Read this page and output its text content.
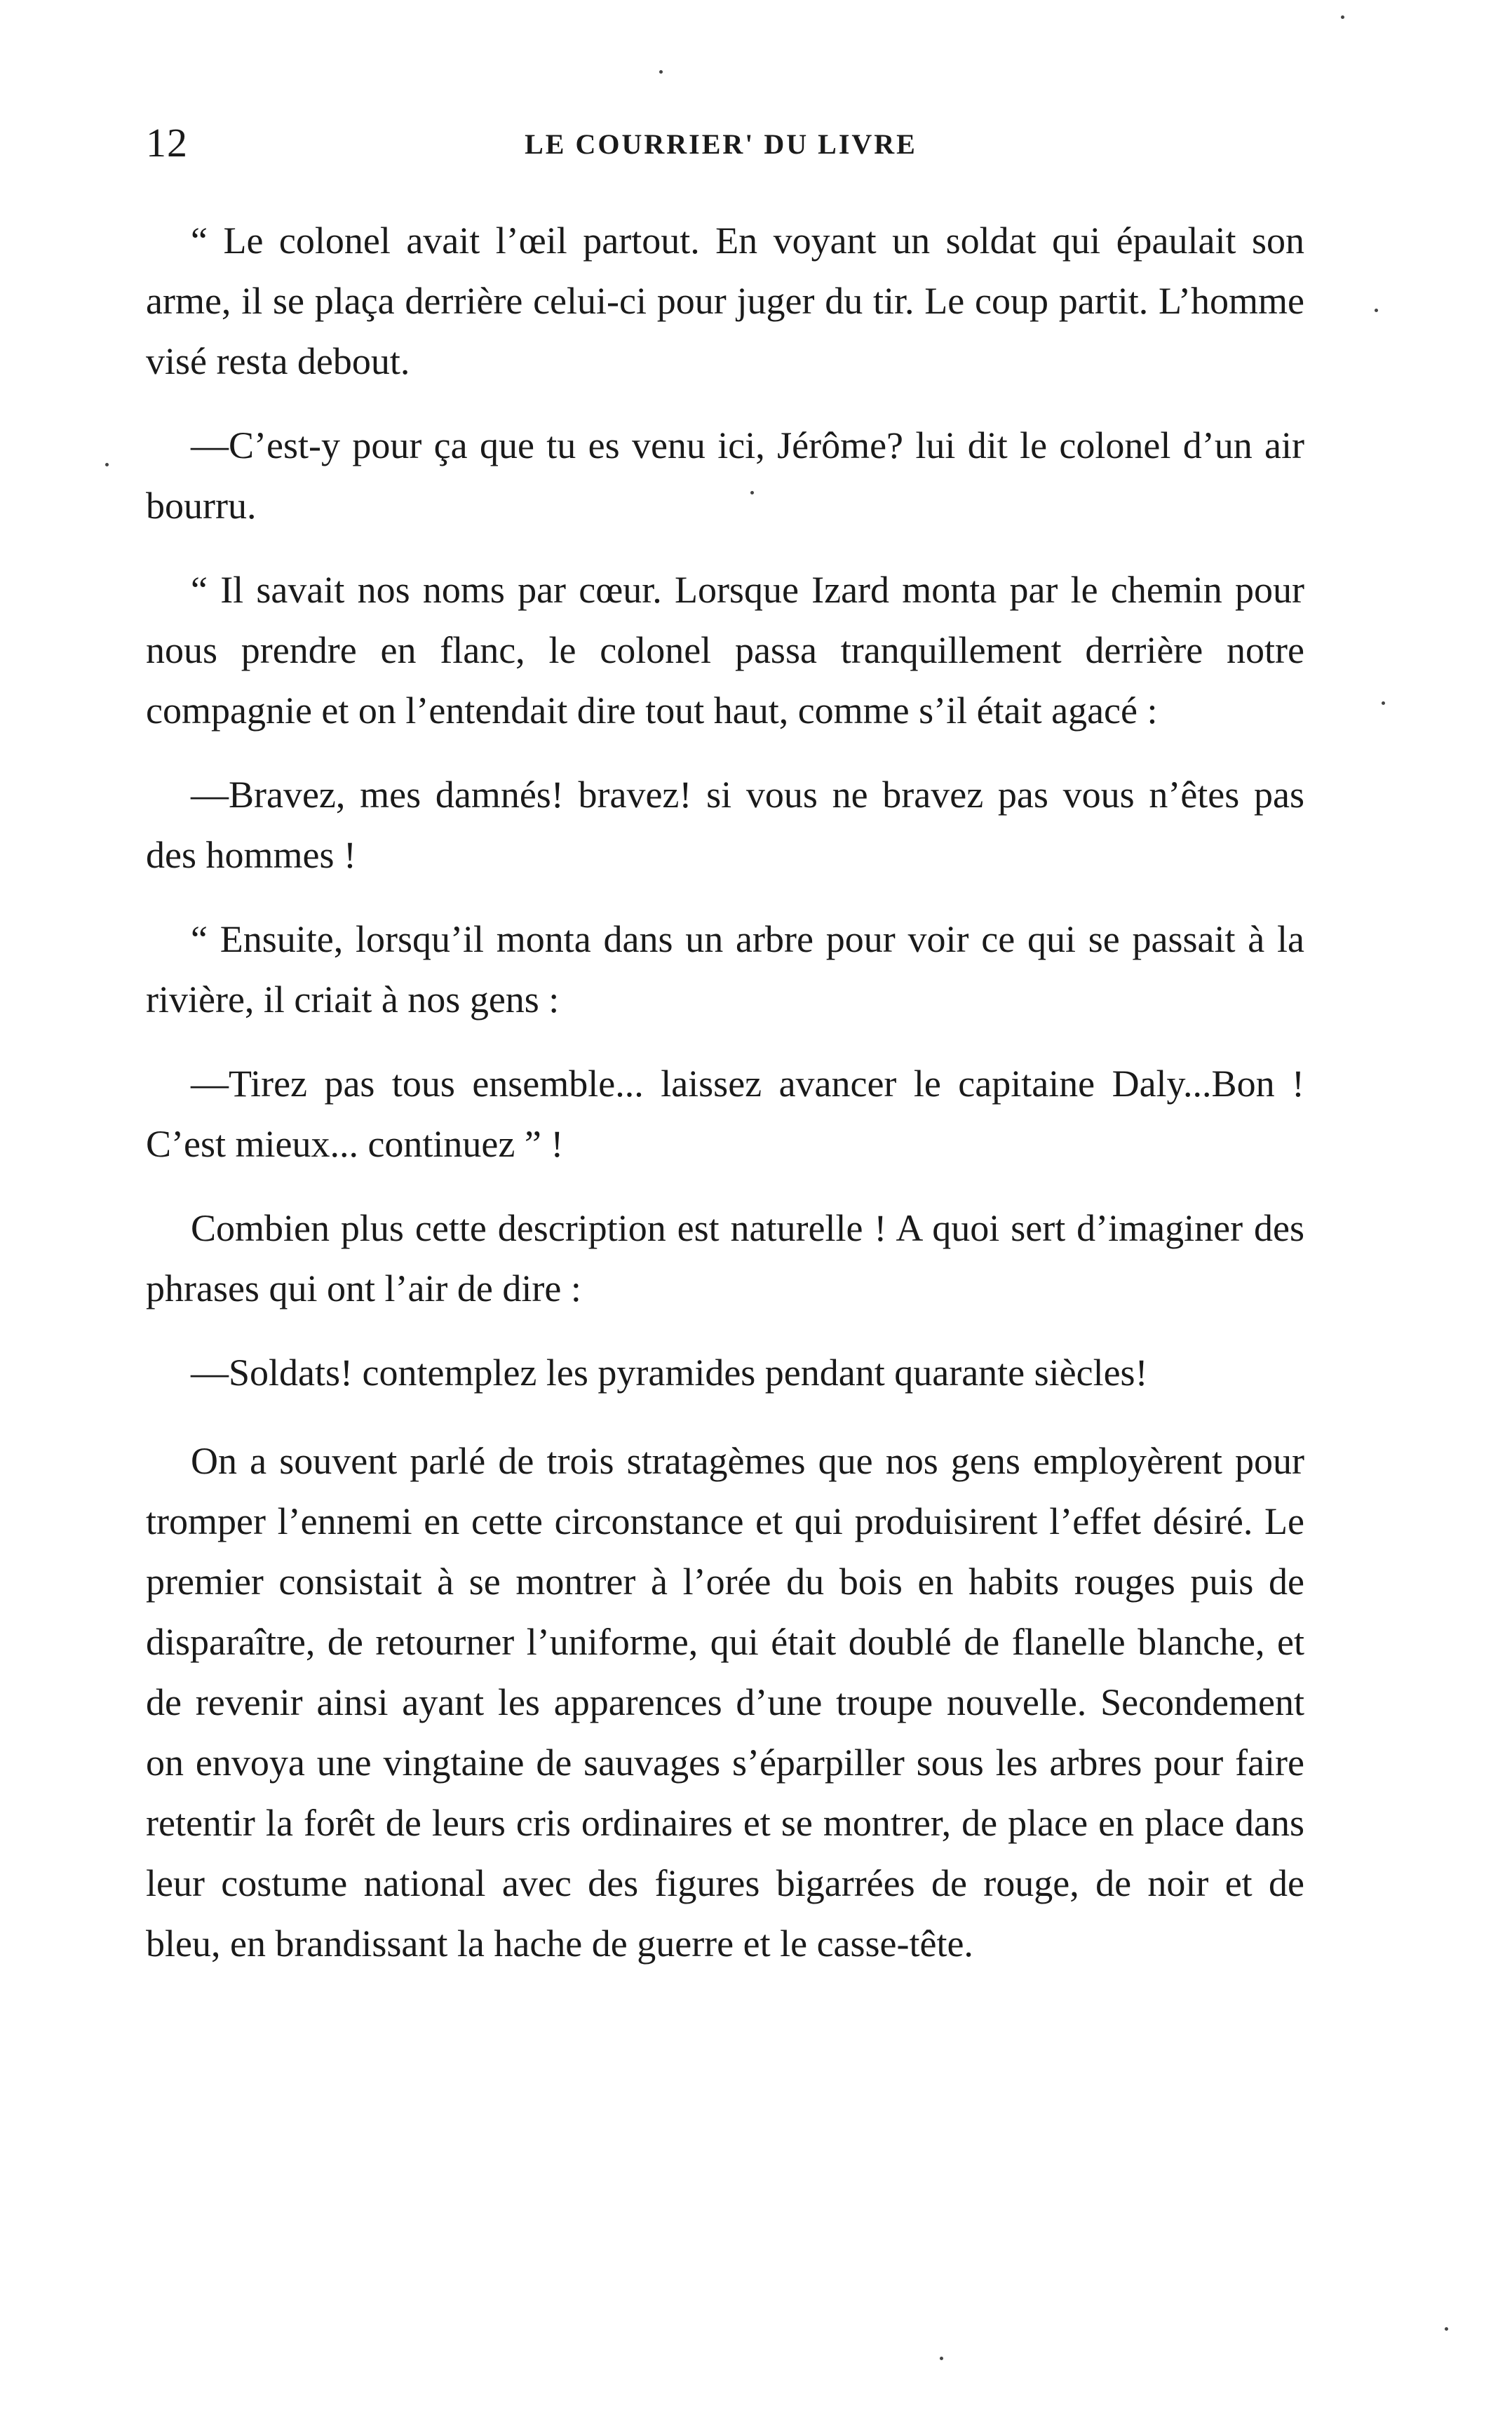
12	LE COURRIER' DU LIVRE

“ Le colonel avait l’œil partout. En voyant un soldat qui épaulait son arme, il se plaça derrière celui-ci pour juger du tir. Le coup partit. L’homme visé resta debout.

—C’est-y pour ça que tu es venu ici, Jérôme? lui dit le colonel d’un air bourru.

“ Il savait nos noms par cœur. Lorsque Izard monta par le chemin pour nous prendre en flanc, le colonel passa tranquillement derrière notre compagnie et on l’entendait dire tout haut, comme s’il était agacé :

—Bravez, mes damnés! bravez! si vous ne bravez pas vous n’êtes pas des hommes !

“ Ensuite, lorsqu’il monta dans un arbre pour voir ce qui se passait à la rivière, il criait à nos gens :

—Tirez pas tous ensemble... laissez avancer le capitaine Daly...Bon ! C’est mieux... continuez ” !

Combien plus cette description est naturelle ! A quoi sert d’imaginer des phrases qui ont l’air de dire :

—Soldats! contemplez les pyramides pendant quarante siècles!

On a souvent parlé de trois stratagèmes que nos gens employèrent pour tromper l’ennemi en cette circonstance et qui produisirent l’effet désiré. Le premier consistait à se montrer à l’orée du bois en habits rouges puis de disparaître, de retourner l’uniforme, qui était doublé de flanelle blanche, et de revenir ainsi ayant les apparences d’une troupe nouvelle. Secondement on envoya une vingtaine de sauvages s’éparpiller sous les arbres pour faire retentir la forêt de leurs cris ordinaires et se montrer, de place en place dans leur costume national avec des figures bigarrées de rouge, de noir et de bleu, en brandissant la hache de guerre et le casse-tête.
